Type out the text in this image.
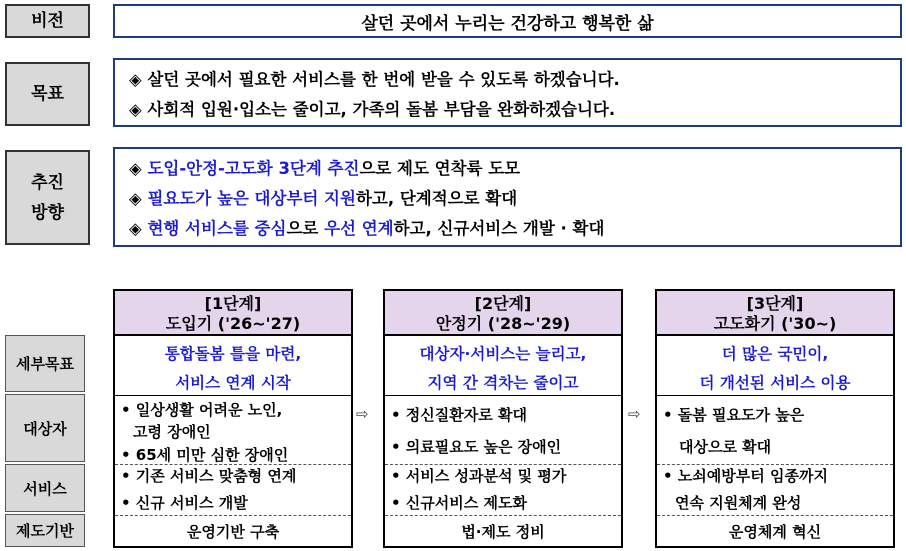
비전	살던 곳에서 누리는 건강하고 행복한 삶
목표
◈ 살던 곳에서 필요한 서비스를 한 번에 받을 수 있도록 하겠습니다.
◈ 사회적 입원·입소는 줄이고, 가족의 돌봄 부담을 완화하겠습니다.
추진
방향
◈ 도입-안정-고도화 3단계 추진으로 제도 연착륙 도모
◈ 필요도가 높은 대상부터 지원하고, 단계적으로 확대
◈ 현행 서비스를 중심으로 우선 연계하고, 신규서비스 개발 · 확대
세부목표
대상자
서비스
제도기반
[1단계]
도입기 ('26~'27)
통합돌봄 틀을 마련,
서비스 연계 시작
• 일상생활 어려운 노인,
고령 장애인
• 65세 미만 심한 장애인
• 기존 서비스 맞춤형 연계
• 신규 서비스 개발
운영기반 구축
⇨
[2단계]
안정기 ('28~'29)
대상자·서비스는 늘리고,
지역 간 격차는 줄이고
• 정신질환자로 확대
• 의료필요도 높은 장애인
• 서비스 성과분석 및 평가
• 신규서비스 제도화
법·제도 정비
⇨
[3단계]
고도화기 ('30~)
더 많은 국민이,
더 개선된 서비스 이용
• 돌봄 필요도가 높은
대상으로 확대
• 노쇠예방부터 임종까지
연속 지원체계 완성
운영체계 혁신
